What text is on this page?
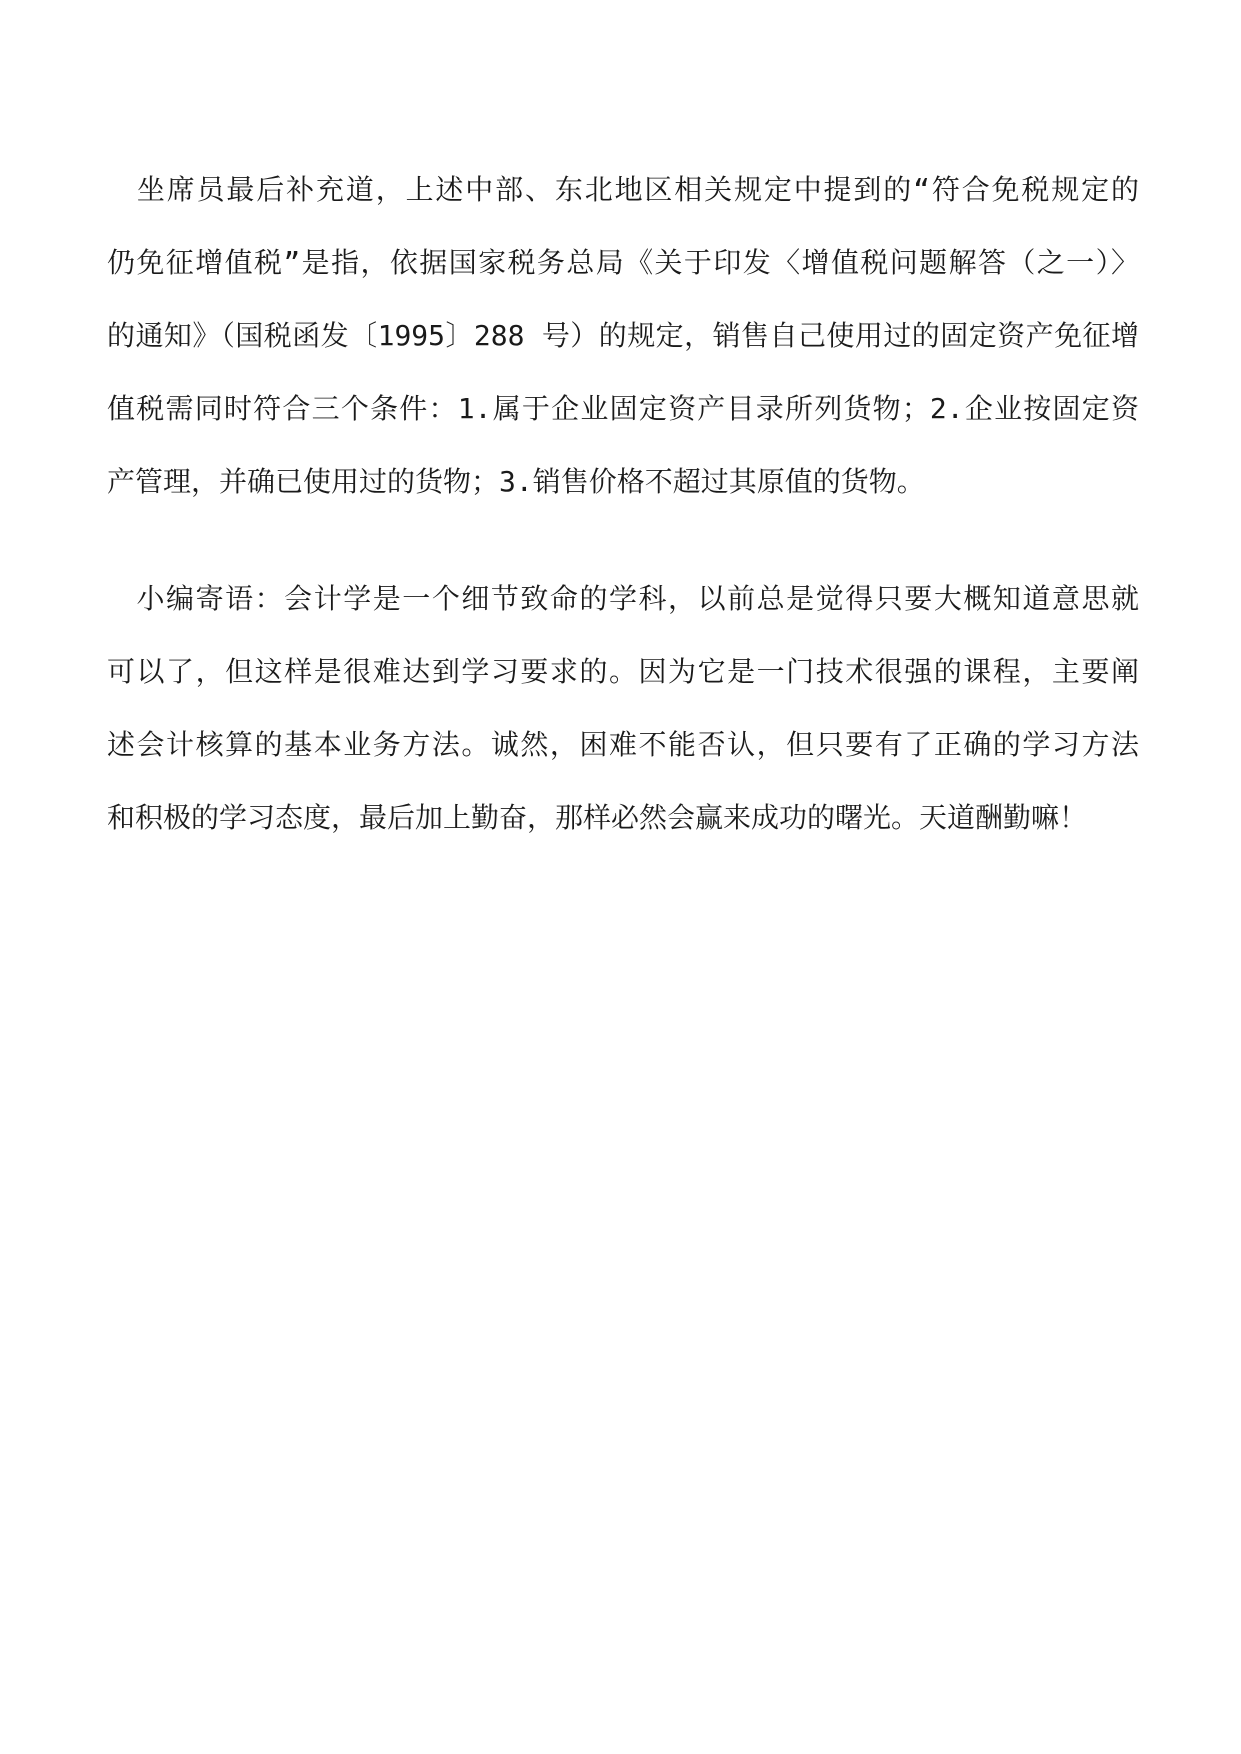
　坐席员最后补充道，上述中部、东北地区相关规定中提到的“符合免税规定的
仍免征增值税”是指，依据国家税务总局《关于印发〈增值税问题解答（之一）〉
的通知》（国税函发〔1995〕288 号）的规定，销售自己使用过的固定资产免征增
值税需同时符合三个条件：1.属于企业固定资产目录所列货物；2.企业按固定资
产管理，并确已使用过的货物；3.销售价格不超过其原值的货物。
　小编寄语：会计学是一个细节致命的学科，以前总是觉得只要大概知道意思就
可以了，但这样是很难达到学习要求的。因为它是一门技术很强的课程，主要阐
述会计核算的基本业务方法。诚然，困难不能否认，但只要有了正确的学习方法
和积极的学习态度，最后加上勤奋，那样必然会赢来成功的曙光。天道酬勤嘛！
